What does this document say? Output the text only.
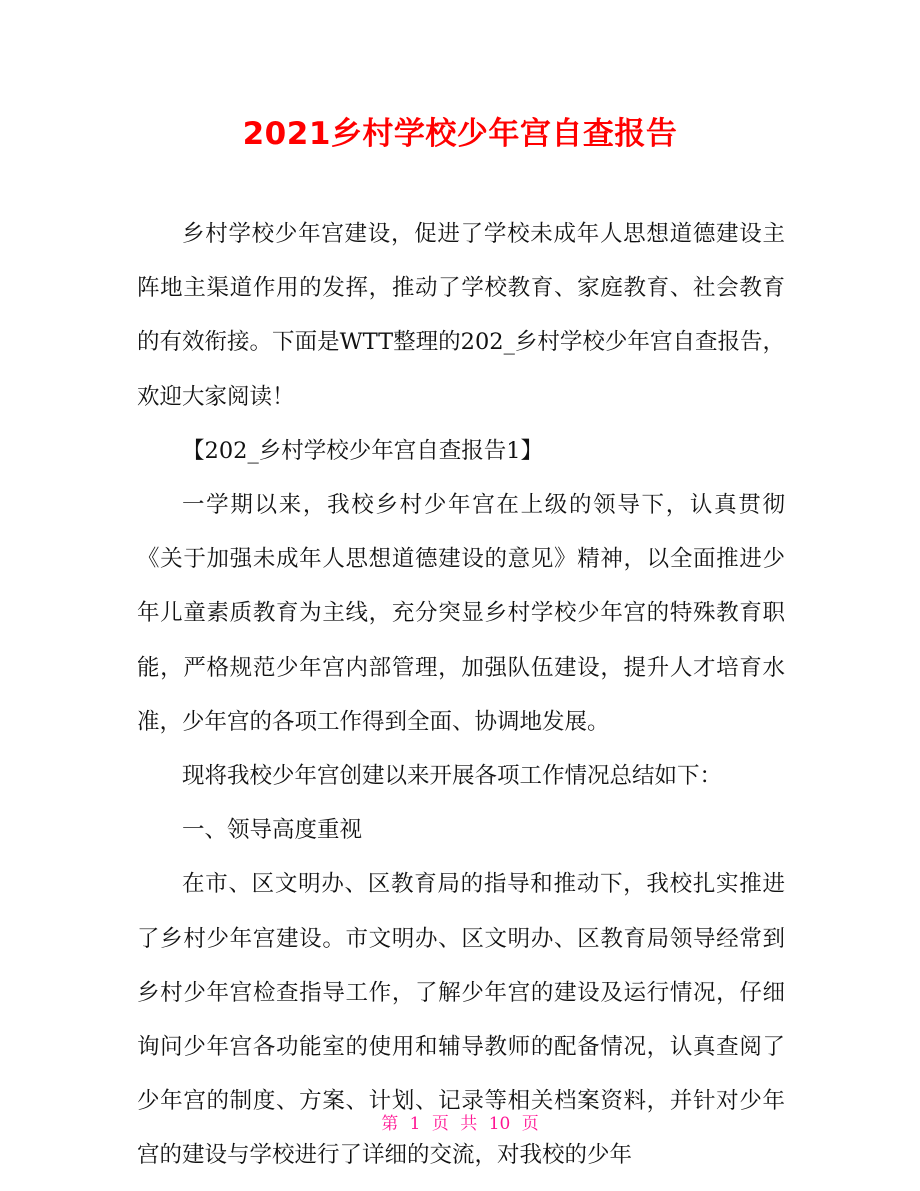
2021乡村学校少年宫自查报告

乡村学校少年宫建设，促进了学校未成年人思想道德建设主阵地主渠道作用的发挥，推动了学校教育、家庭教育、社会教育的有效衔接。下面是WTT整理的202_乡村学校少年宫自查报告，欢迎大家阅读！

【202_乡村学校少年宫自查报告1】

一学期以来，我校乡村少年宫在上级的领导下，认真贯彻《关于加强未成年人思想道德建设的意见》精神，以全面推进少年儿童素质教育为主线，充分突显乡村学校少年宫的特殊教育职能，严格规范少年宫内部管理，加强队伍建设，提升人才培育水准，少年宫的各项工作得到全面、协调地发展。

现将我校少年宫创建以来开展各项工作情况总结如下：

一、领导高度重视

在市、区文明办、区教育局的指导和推动下，我校扎实推进了乡村少年宫建设。市文明办、区文明办、区教育局领导经常到乡村少年宫检查指导工作，了解少年宫的建设及运行情况，仔细询问少年宫各功能室的使用和辅导教师的配备情况，认真查阅了少年宫的制度、方案、计划、记录等相关档案资料，并针对少年宫的建设与学校进行了详细的交流，对我校的少年

第 1 页 共 10 页
